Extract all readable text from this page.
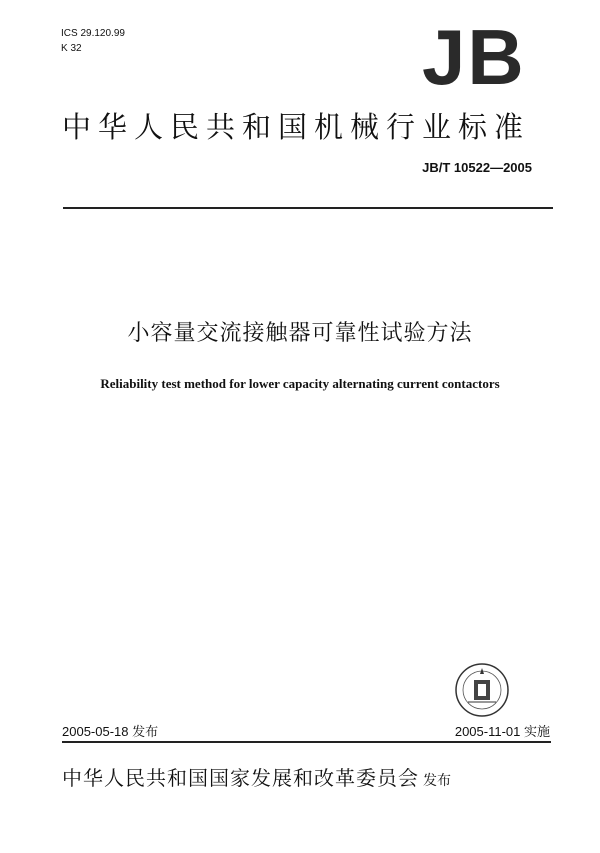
ICS 29.120.99
K 32	JB
中华人民共和国机械行业标准
JB/T 10522—2005
小容量交流接触器可靠性试验方法
Reliability test method for lower capacity alternating current contactors
2005-05-18 发布	2005-11-01 实施
中华人民共和国国家发展和改革委员会 发布
